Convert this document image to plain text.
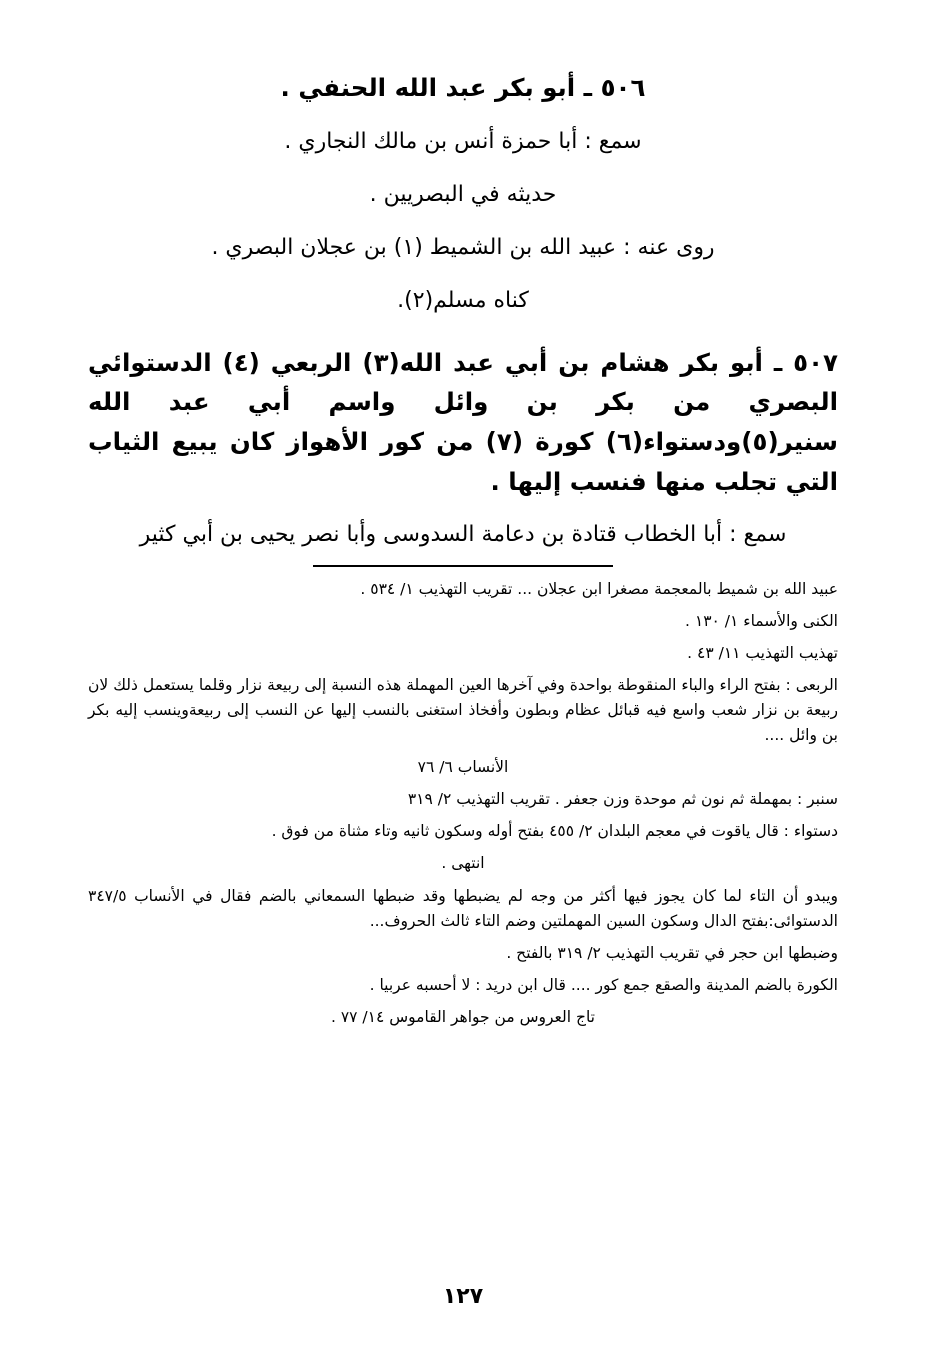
٥٠٦ ـ أبو بكر عبد الله الحنفي .

سمع : أبا حمزة أنس بن مالك النجاري .

حديثه في البصريين .

روى عنه : عبيد الله بن الشميط (١) بن عجلان البصري .

كناه مسلم(٢).

٥٠٧ ـ أبو بكر هشام بن أبي عبد الله(٣) الربعي (٤) الدستوائي البصري من بكر بن وائل واسم أبي عبد الله سنير(٥)ودستواء(٦) كورة (٧) من كور الأهواز كان يبيع الثياب التي تجلب منها فنسب إليها .

سمع : أبا الخطاب قتادة بن دعامة السدوسى وأبا نصر يحيى بن أبي كثير

عبيد الله بن شميط بالمعجمة مصغرا ابن عجلان ... تقريب التهذيب ١/ ٥٣٤ .

الكنى والأسماء ١/ ١٣٠ .

تهذيب التهذيب ١١/ ٤٣ .

الربعى : بفتح الراء والباء المنقوطة بواحدة وفي آخرها العين المهملة هذه النسبة إلى ربيعة نزار وقلما يستعمل ذلك لان ربيعة بن نزار شعب واسع فيه قبائل عظام وبطون وأفخاذ استغنى بالنسب إليها عن النسب إلى ربيعةوينسب إليه بكر بن وائل ....

الأنساب ٦/ ٧٦

سنبر : بمهملة ثم نون ثم موحدة وزن جعفر . تقريب التهذيب ٢/ ٣١٩

دستواء : قال ياقوت في معجم البلدان ٢/ ٤٥٥ بفتح أوله وسكون ثانيه وتاء مثناة من فوق .

انتهى .

ويبدو أن التاء لما كان يجوز فيها أكثر من وجه لم يضبطها وقد ضبطها السمعاني بالضم فقال في الأنساب ٣٤٧/٥ الدستوائى:بفتح الدال وسكون السين المهملتين وضم التاء ثالث الحروف...

وضبطها ابن حجر في تقريب التهذيب ٢/ ٣١٩ بالفتح .

الكورة بالضم المدينة والصقع جمع كور .... قال ابن دريد : لا أحسبه عربيا .

تاج العروس من جواهر القاموس ١٤/ ٧٧ .

١٢٧
